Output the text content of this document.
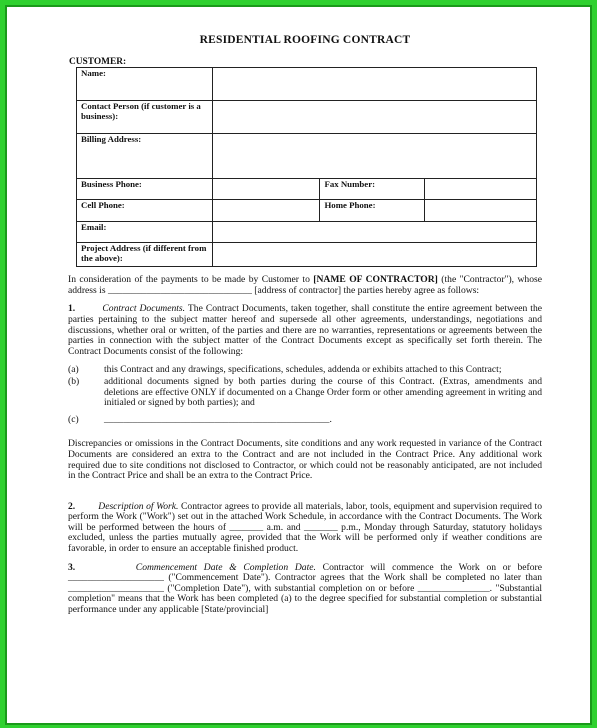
RESIDENTIAL ROOFING CONTRACT
CUSTOMER:
Name:			
Contact Person (if customer is a business):			
Billing Address:			
Business Phone:		Fax Number:	
Cell Phone:		Home Phone:	
Email:			
Project Address (if different from the above):			

In consideration of the payments to be made by Customer to [NAME OF CONTRACTOR] (the "Contractor"), whose address is ______________________________ [address of contractor] the parties hereby agree as follows:

1.	Contract Documents. The Contract Documents, taken together, shall constitute the entire agreement between the parties pertaining to the subject matter hereof and supersede all other agreements, understandings, negotiations and discussions, whether oral or written, of the parties and there are no warranties, representations or agreements between the parties in connection with the subject matter of the Contract Documents except as specifically set forth therein. The Contract Documents consist of the following:

(a)	this Contract and any drawings, specifications, schedules, addenda or exhibits attached to this Contract;
(b)	additional documents signed by both parties during the course of this Contract. (Extras, amendments and deletions are effective ONLY if documented on a Change Order form or other amending agreement in writing and initialed or signed by both parties); and
(c)	_______________________________________________.

Discrepancies or omissions in the Contract Documents, site conditions and any work requested in variance of the Contract Documents are considered an extra to the Contract and are not included in the Contract Price. Any additional work required due to site conditions not disclosed to Contractor, or which could not be reasonably anticipated, are not included in the Contract Price and shall be an extra to the Contract Price.

2. Description of Work. Contractor agrees to provide all materials, labor, tools, equipment and supervision required to perform the Work ("Work") set out in the attached Work Schedule, in accordance with the Contract Documents. The Work will be performed between the hours of _______ a.m. and _______ p.m., Monday through Saturday, statutory holidays excluded, unless the parties mutually agree, provided that the Work will be performed only if weather conditions are favorable, in order to ensure an acceptable finished product.

3.	Commencement Date & Completion Date. Contractor will commence the Work on or before ____________________ ("Commencement Date"). Contractor agrees that the Work shall be completed no later than ____________________ ("Completion Date"), with substantial completion on or before _______________. "Substantial completion" means that the Work has been completed (a) to the degree specified for substantial completion or substantial performance under any applicable [State/provincial]
